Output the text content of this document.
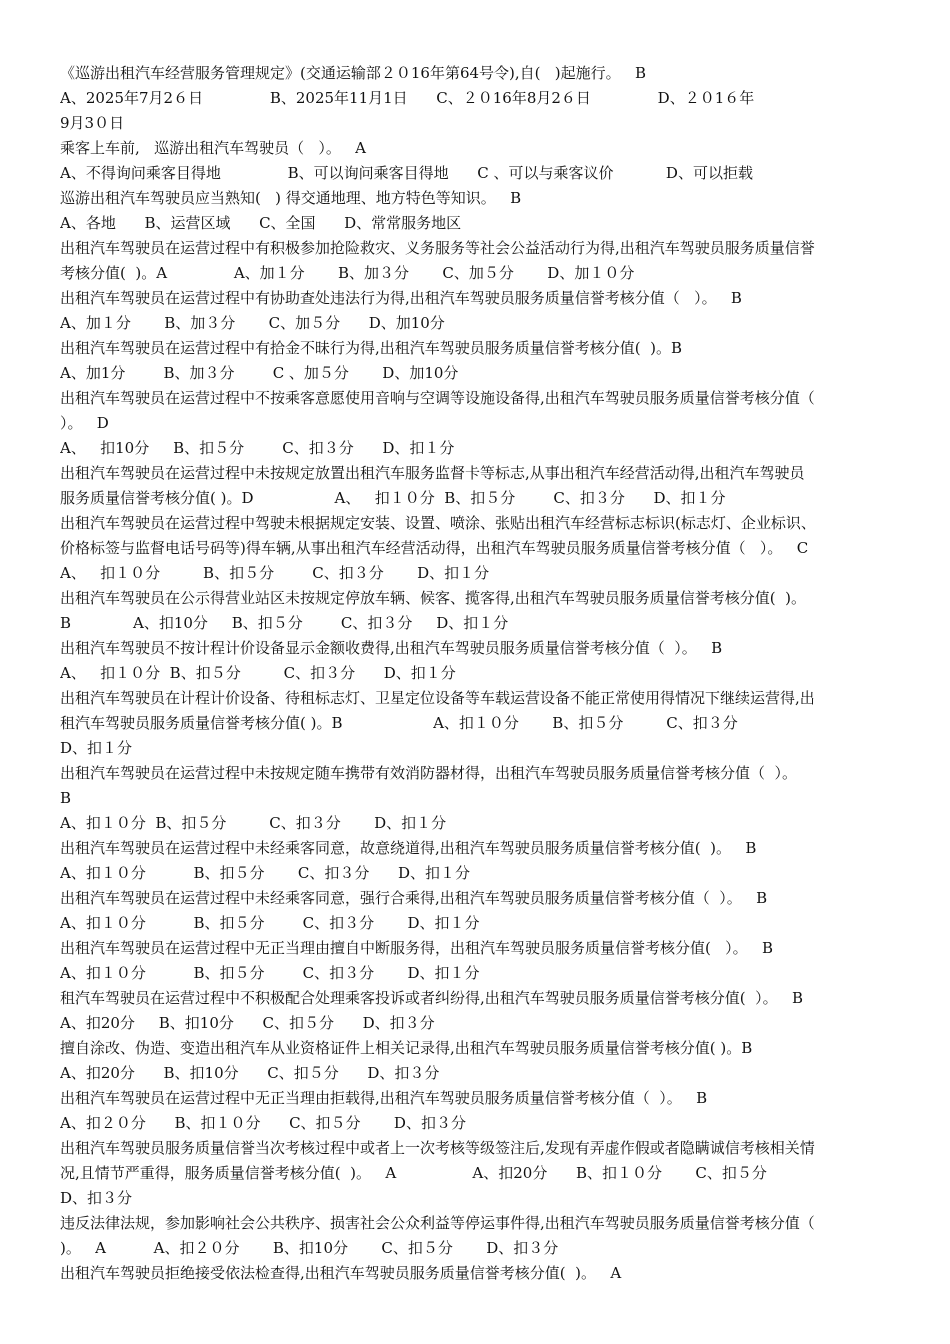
《巡游出租汽车经营服务管理规定》(交通运输部２０16年第64号令),自(   )起施行。   B
A、2025年7月2６日              B、2025年11月1日      C、２０16年8月2６日              D、２０1６年
9月3０日
乘客上车前,   巡游出租汽车驾驶员（   ）。   A
A、不得询问乘客目得地              B、可以询问乘客目得地      C 、可以与乘客议价           D、可以拒载
巡游出租汽车驾驶员应当熟知(   ) 得交通地理、地方特色等知识。   B
A、各地      B、运营区域      C、全国      D、常常服务地区
出租汽车驾驶员在运营过程中有积极参加抢险救灾、义务服务等社会公益活动行为得,出租汽车驾驶员服务质量信誉
考核分值(  )。A              A、加１分       B、加３分       C、加５分       D、加１０分
出租汽车驾驶员在运营过程中有协助查处违法行为得,出租汽车驾驶员服务质量信誉考核分值（   ）。   B
A、加１分       B、加３分       C、加５分      D、加10分
出租汽车驾驶员在运营过程中有拾金不昧行为得,出租汽车驾驶员服务质量信誉考核分值(  )。B
A、加1分        B、加３分        C 、加５分       D、加10分
出租汽车驾驶员在运营过程中不按乘客意愿使用音响与空调等设施设备得,出租汽车驾驶员服务质量信誉考核分值（
）。   D
A、   扣10分     B、扣５分        C、扣３分      D、扣１分
出租汽车驾驶员在运营过程中未按规定放置出租汽车服务监督卡等标志,从事出租汽车经营活动得,出租汽车驾驶员
服务质量信誉考核分值( )。D                 A、   扣１０分  B、扣５分        C、扣３分      D、扣１分
出租汽车驾驶员在运营过程中驾驶未根据规定安装、设置、喷涂、张贴出租汽车经营标志标识(标志灯、企业标识、
价格标签与监督电话号码等)得车辆,从事出租汽车经营活动得，出租汽车驾驶员服务质量信誉考核分值（   ）。   C
A、   扣１０分         B、扣５分        C、扣３分       D、扣１分
出租汽车驾驶员在公示得营业站区未按规定停放车辆、候客、揽客得,出租汽车驾驶员服务质量信誉考核分值(  )。
B             A、扣10分     B、扣５分        C、扣３分     D、扣１分
出租汽车驾驶员不按计程计价设备显示金额收费得,出租汽车驾驶员服务质量信誉考核分值（  ）。   B
A、   扣１０分  B、扣５分         C、扣３分      D、扣１分
出租汽车驾驶员在计程计价设备、待租标志灯、卫星定位设备等车载运营设备不能正常使用得情况下继续运营得,出
租汽车驾驶员服务质量信誉考核分值( )。B                   A、扣１０分       B、扣５分         C、扣３分
D、扣１分
出租汽车驾驶员在运营过程中未按规定随车携带有效消防器材得，出租汽车驾驶员服务质量信誉考核分值（  ）。
B
A、扣１０分  B、扣５分         C、扣３分       D、扣１分
出租汽车驾驶员在运营过程中未经乘客同意，故意绕道得,出租汽车驾驶员服务质量信誉考核分值(  )。   B
A、扣１０分          B、扣５分       C、扣３分      D、扣１分
出租汽车驾驶员在运营过程中未经乘客同意，强行合乘得,出租汽车驾驶员服务质量信誉考核分值（  ）。   B
A、扣１０分          B、扣５分        C、扣３分       D、扣１分
出租汽车驾驶员在运营过程中无正当理由擅自中断服务得，出租汽车驾驶员服务质量信誉考核分值(   ）。   B
A、扣１０分          B、扣５分        C、扣３分       D、扣１分
租汽车驾驶员在运营过程中不积极配合处理乘客投诉或者纠纷得,出租汽车驾驶员服务质量信誉考核分值(  ）。   B
A、扣20分     B、扣10分      C、扣５分      D、扣３分
擅自涂改、伪造、变造出租汽车从业资格证件上相关记录得,出租汽车驾驶员服务质量信誉考核分值( )。B
A、扣20分      B、扣10分      C、扣５分      D、扣３分
出租汽车驾驶员在运营过程中无正当理由拒载得,出租汽车驾驶员服务质量信誉考核分值（  ）。   B
A、扣２０分      B、扣１０分      C、扣５分       D、扣３分
出租汽车驾驶员服务质量信誉当次考核过程中或者上一次考核等级签注后,发现有弄虚作假或者隐瞒诚信考核相关情
况,且情节严重得，服务质量信誉考核分值(  )。   A                A、扣20分      B、扣１０分       C、扣５分
D、扣３分
违反法律法规，参加影响社会公共秩序、损害社会公众利益等停运事件得,出租汽车驾驶员服务质量信誉考核分值（
)。   A          A、扣２０分       B、扣10分       C、扣５分       D、扣３分
出租汽车驾驶员拒绝接受依法检查得,出租汽车驾驶员服务质量信誉考核分值(  )。   A
